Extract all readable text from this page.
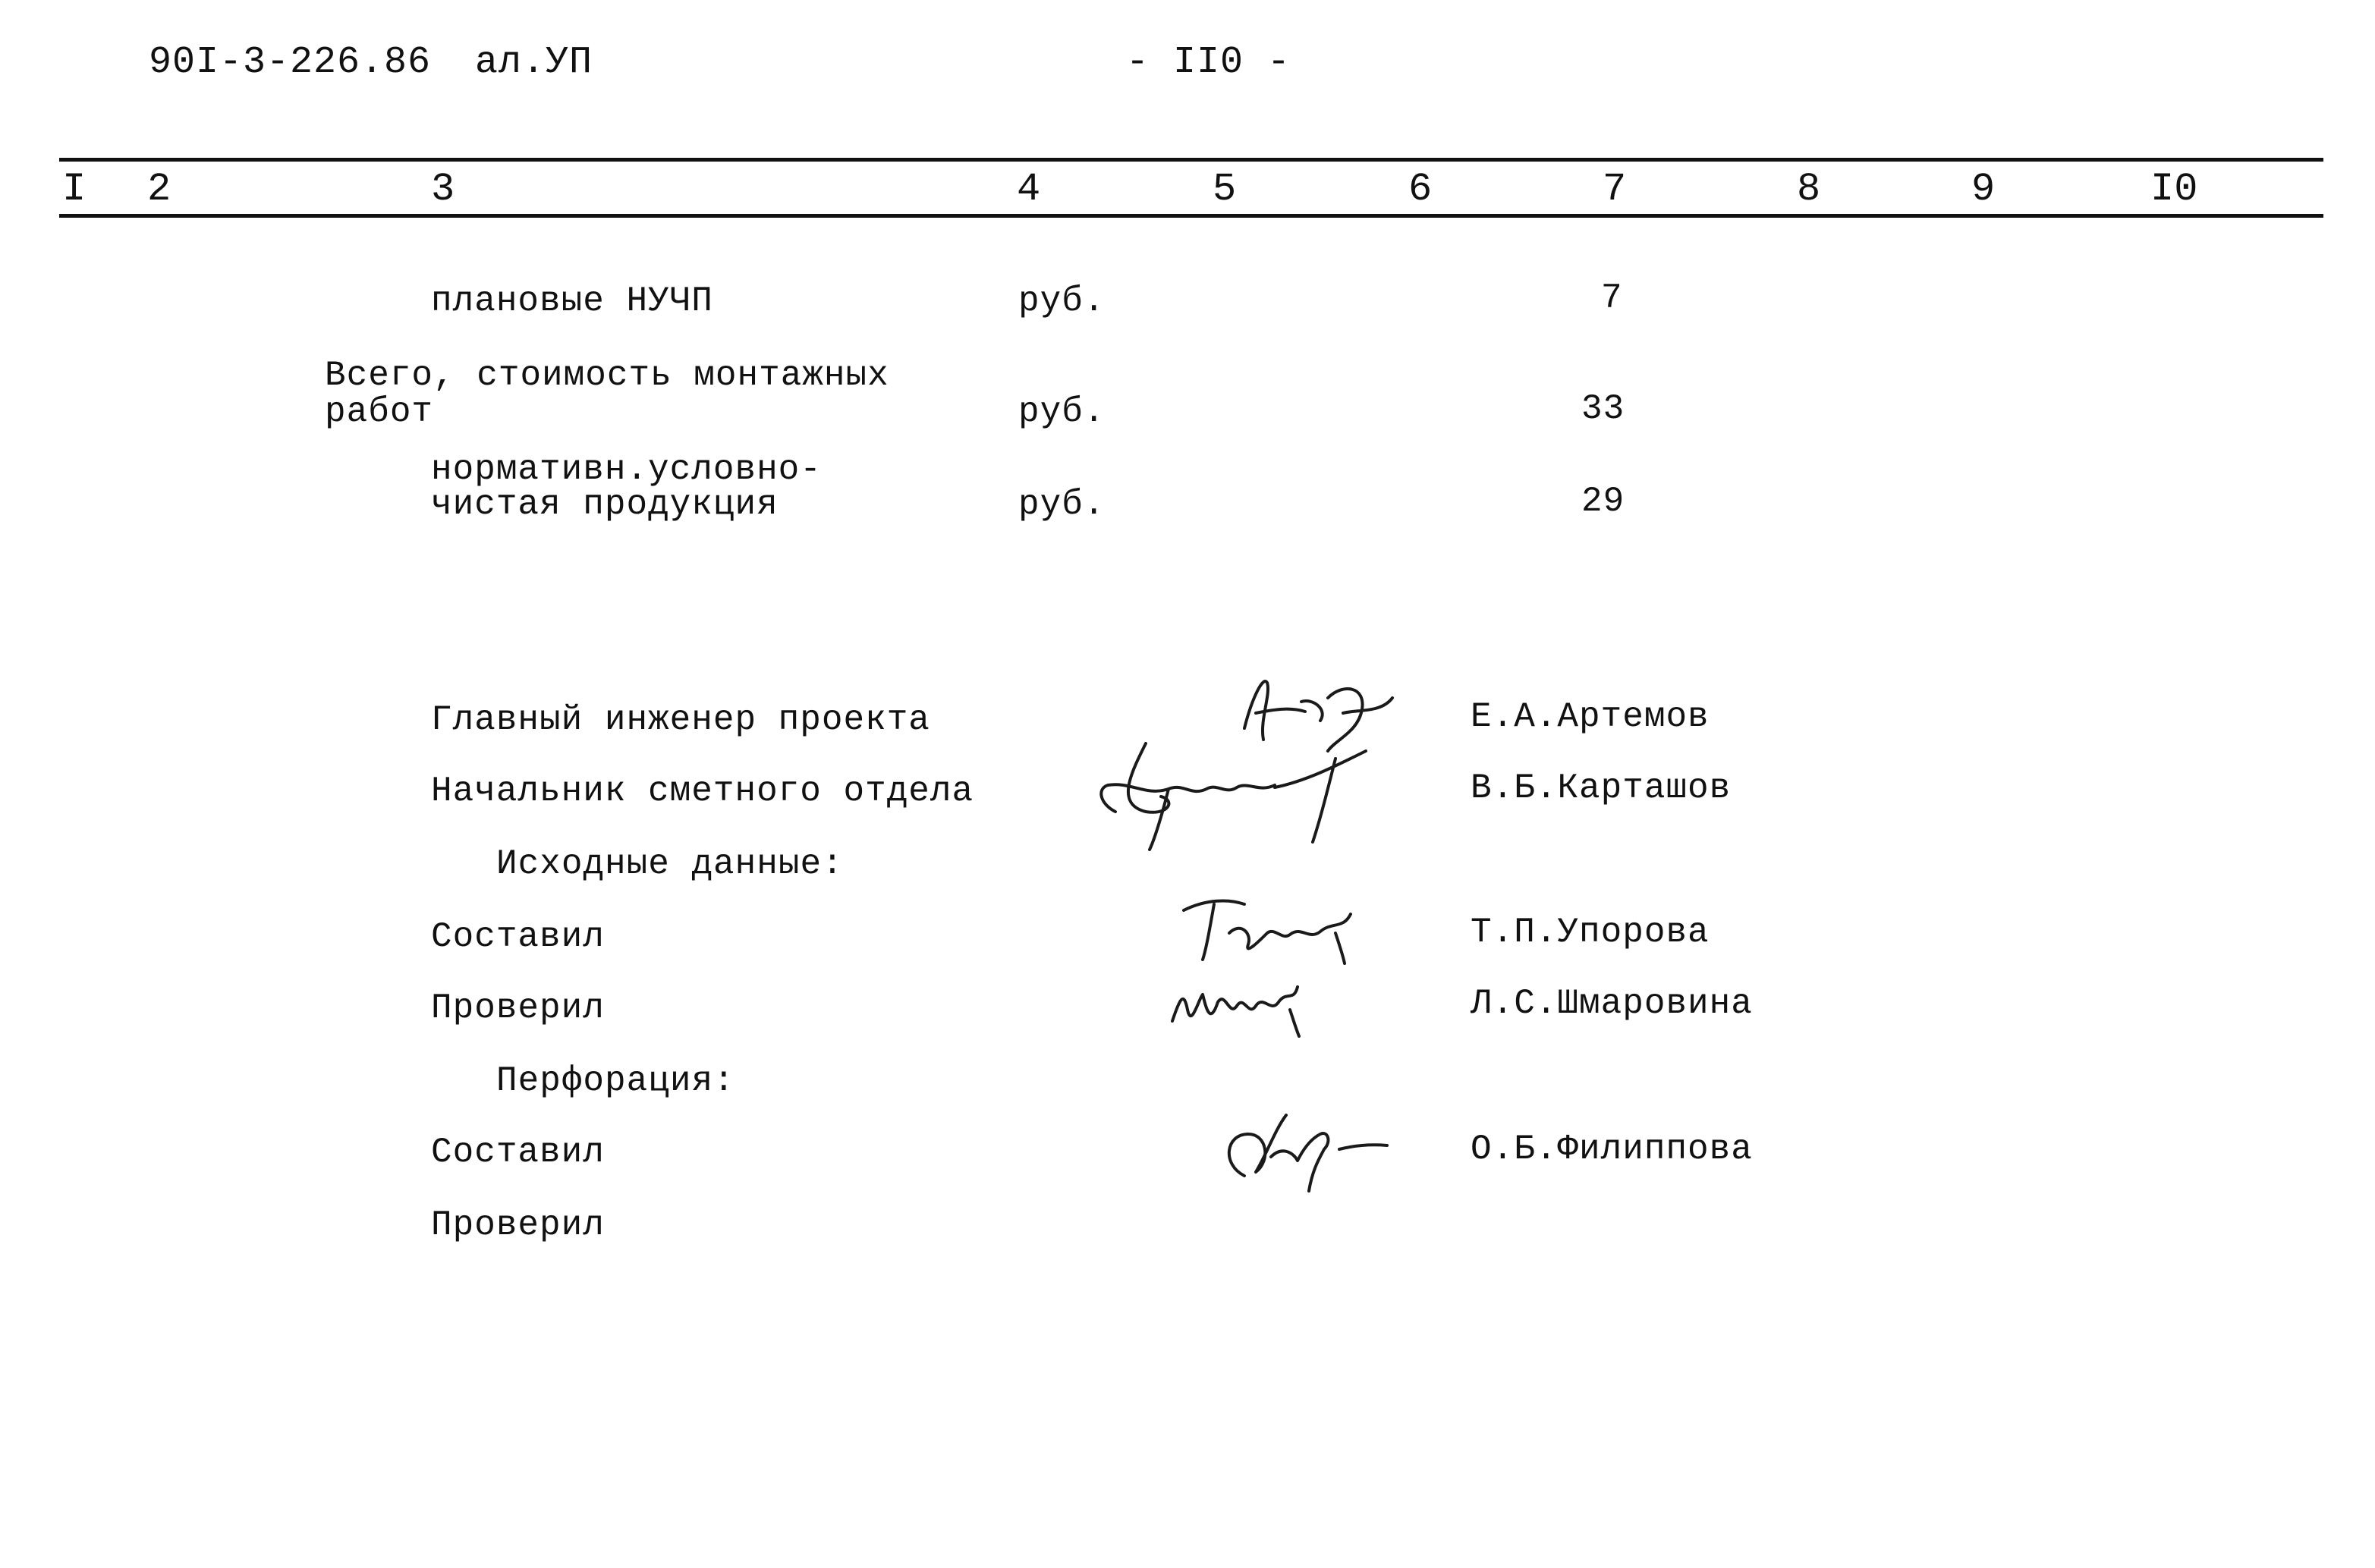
90I-3-226.86 ал.УП	- II0 -
I 2	3	4	5	6	7	8	9	I0
плановые НУЧП	руб.	7
Всего, стоимость монтажных
работ	руб.	33
нормативн.условно-
чистая продукция	руб.	29
Главный инженер проекта	Е.А.Артемов
Начальник сметного отдела	В.Б.Карташов
Исходные данные:
Составил	Т.П.Упорова
Проверил	Л.С.Шмаровина
Перфорация:
Составил	О.Б.Филиппова
Проверил
